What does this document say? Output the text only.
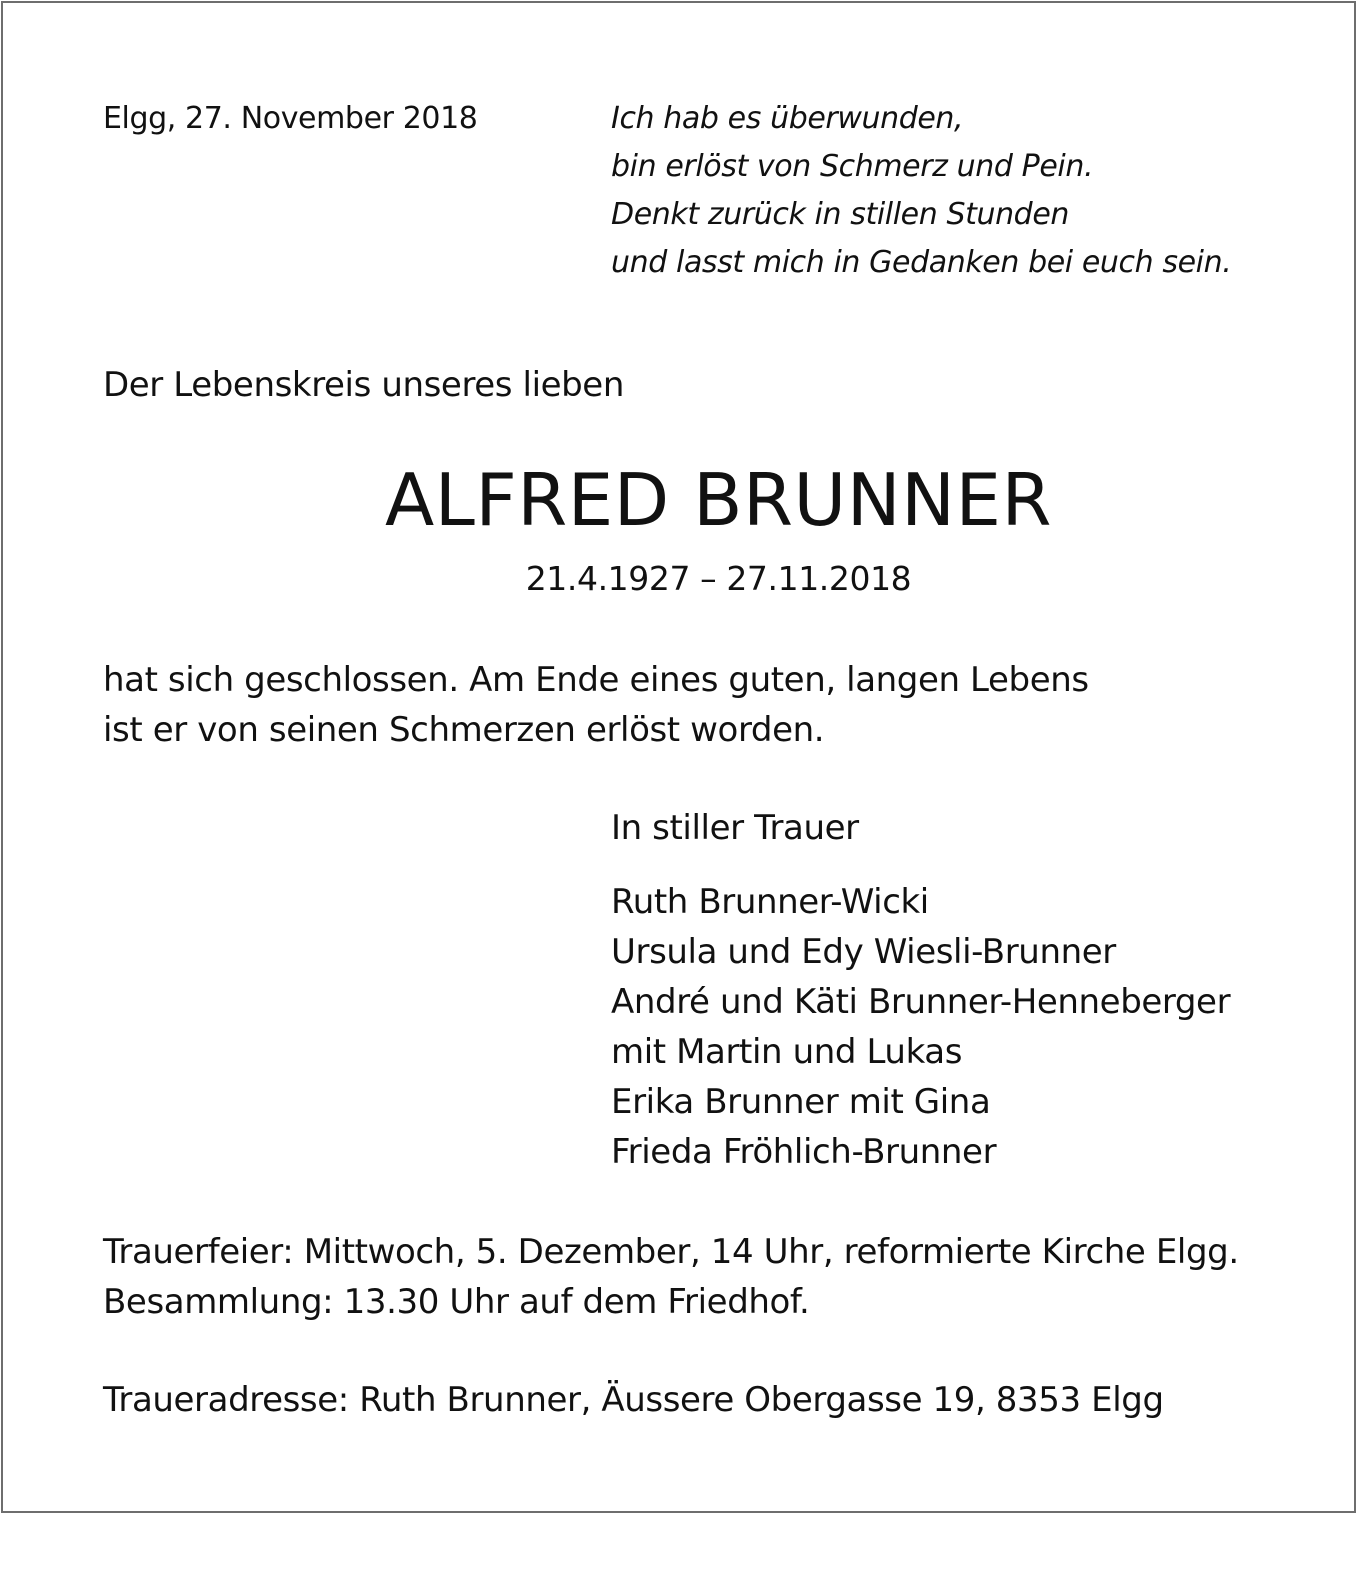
Elgg, 27. November 2018	Ich hab es überwunden,
bin erlöst von Schmerz und Pein.
Denkt zurück in stillen Stunden
und lasst mich in Gedanken bei euch sein.
Der Lebenskreis unseres lieben
ALFRED BRUNNER
21.4.1927 – 27.11.2018
hat sich geschlossen. Am Ende eines guten, langen Lebens
ist er von seinen Schmerzen erlöst worden.
In stiller Trauer
Ruth Brunner-Wicki
Ursula und Edy Wiesli-Brunner
André und Käti Brunner-Henneberger
mit Martin und Lukas
Erika Brunner mit Gina
Frieda Fröhlich-Brunner
Trauerfeier: Mittwoch, 5. Dezember, 14 Uhr, reformierte Kirche Elgg.
Besammlung: 13.30 Uhr auf dem Friedhof.
Traueradresse: Ruth Brunner, Äussere Obergasse 19, 8353 Elgg
